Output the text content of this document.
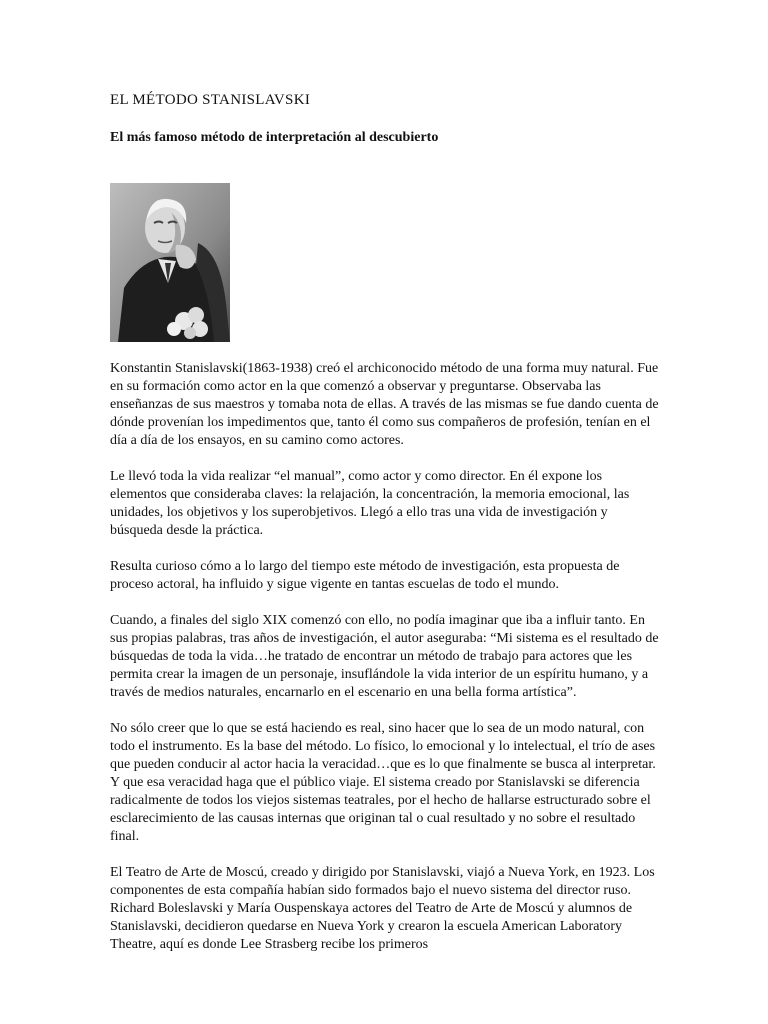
EL MÉTODO STANISLAVSKI
El más famoso método de interpretación al descubierto

Konstantin Stanislavski(1863-1938) creó el archiconocido método de una forma muy natural. Fue en su formación como actor en la que comenzó a observar y preguntarse. Observaba las enseñanzas de sus maestros y tomaba nota de ellas. A través de las mismas se fue dando cuenta de dónde provenían los impedimentos que, tanto él como sus compañeros de profesión, tenían en el día a día de los ensayos, en su camino como actores.

Le llevó toda la vida realizar “el manual”, como actor y como director. En él expone los elementos que consideraba claves: la relajación, la concentración, la memoria emocional, las unidades, los objetivos y los superobjetivos. Llegó a ello tras una vida de investigación y búsqueda desde la práctica.

Resulta curioso cómo a lo largo del tiempo este método de investigación, esta propuesta de proceso actoral, ha influido y sigue vigente en tantas escuelas de todo el mundo.

Cuando, a finales del siglo XIX comenzó con ello, no podía imaginar que iba a influir tanto. En sus propias palabras, tras años de investigación, el autor aseguraba: “Mi sistema es el resultado de búsquedas de toda la vida…he tratado de encontrar un método de trabajo para actores que les permita crear la imagen de un personaje, insuflándole la vida interior de un espíritu humano, y a través de medios naturales, encarnarlo en el escenario en una bella forma artística”.

No sólo creer que lo que se está haciendo es real, sino hacer que lo sea de un modo natural, con todo el instrumento. Es la base del método. Lo físico, lo emocional y lo intelectual, el trío de ases que pueden conducir al actor hacia la veracidad…que es lo que finalmente se busca al interpretar. Y que esa veracidad haga que el público viaje. El sistema creado por Stanislavski se diferencia radicalmente de todos los viejos sistemas teatrales, por el hecho de hallarse estructurado sobre el esclarecimiento de las causas internas que originan tal o cual resultado y no sobre el resultado final.

El Teatro de Arte de Moscú, creado y dirigido por Stanislavski, viajó a Nueva York, en 1923. Los componentes de esta compañía habían sido formados bajo el nuevo sistema del director ruso. Richard Boleslavski y María Ouspenskaya actores del Teatro de Arte de Moscú y alumnos de Stanislavski, decidieron quedarse en Nueva York y crearon la escuela American Laboratory Theatre, aquí es donde Lee Strasberg recibe los primeros
